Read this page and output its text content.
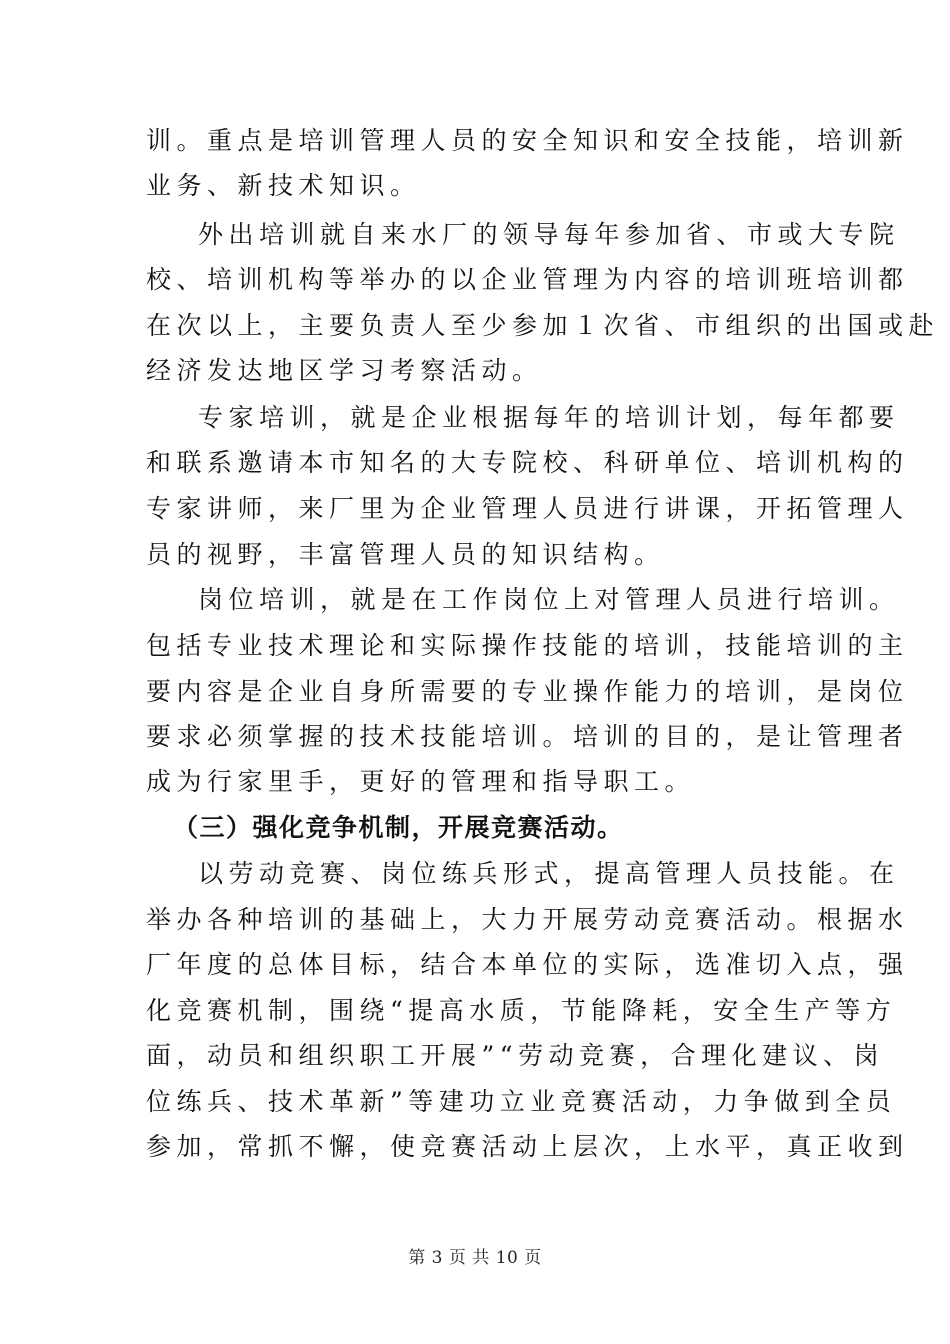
训。重点是培训管理人员的安全知识和安全技能，培训新
业务、新技术知识。
外出培训就自来水厂的领导每年参加省、市或大专院
校、培训机构等举办的以企业管理为内容的培训班培训都
在次以上，主要负责人至少参加１次省、市组织的出国或赴
经济发达地区学习考察活动。
专家培训，就是企业根据每年的培训计划，每年都要
和联系邀请本市知名的大专院校、科研单位、培训机构的
专家讲师，来厂里为企业管理人员进行讲课，开拓管理人
员的视野，丰富管理人员的知识结构。
岗位培训，就是在工作岗位上对管理人员进行培训。
包括专业技术理论和实际操作技能的培训，技能培训的主
要内容是企业自身所需要的专业操作能力的培训，是岗位
要求必须掌握的技术技能培训。培训的目的，是让管理者
成为行家里手，更好的管理和指导职工。
（三）强化竞争机制，开展竞赛活动。
以劳动竞赛、岗位练兵形式，提高管理人员技能。在
举办各种培训的基础上，大力开展劳动竞赛活动。根据水
厂年度的总体目标，结合本单位的实际，选准切入点，强
化竞赛机制，围绕“提高水质，节能降耗，安全生产等方
面，动员和组织职工开展”“劳动竞赛，合理化建议、岗
位练兵、技术革新”等建功立业竞赛活动，力争做到全员
参加，常抓不懈，使竞赛活动上层次，上水平，真正收到
第 3 页 共 10 页
